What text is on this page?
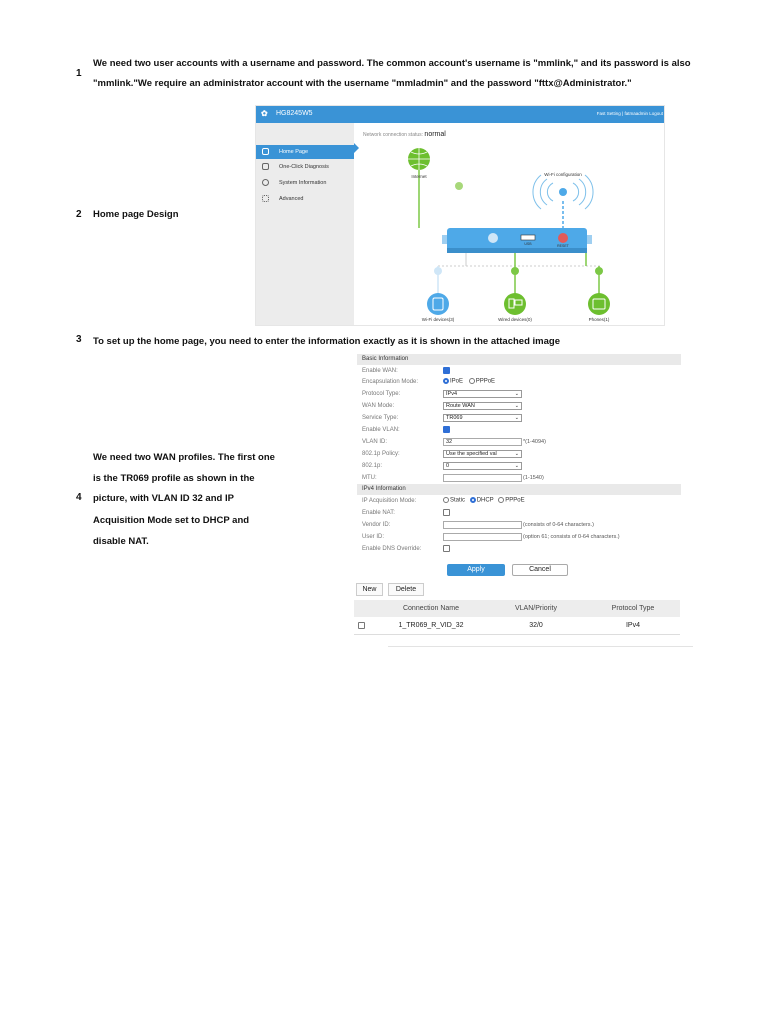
1
We need two user accounts with a username and password. The common account's username is "mmlink," and its password is also
"mmlink."We require an administrator account with the username "mmladmin" and the password "fttx@Administrator."
2 Home page Design
✿ HG8245W5	Fast Setting | fatmaadmin Logout
Home Page
One-Click Diagnosis
System Information
Advanced
Network connection status: normal
Internet	Wi-Fi configuration
USB	RESET
Wi-Fi devices(3)	Wired devices(0)	Phones(1)
3 To set up the home page, you need to enter the information exactly as it is shown in the attached image
Basic Information
Enable WAN:
Encapsulation Mode:	IPoE PPPoE
Protocol Type:	IPv4	⌄
WAN Mode:	Route WAN	⌄
Service Type:	TR069	⌄
Enable VLAN:
VLAN ID:	32	*(1-4094)
802.1p Policy:	Use the specified val	⌄
802.1p:	0	⌄
MTU:	(1-1540)
IPv4 Information
IP Acquisition Mode:	Static DHCP PPPoE
Enable NAT:
Vendor ID:	(consists of 0-64 characters.)
User ID:	(option 61; consists of 0-64 characters.)
Enable DNS Override:
Apply	Cancel
New	Delete
Connection Name	VLAN/Priority	Protocol Type
1_TR069_R_VID_32	32/0	IPv4
4
We need two WAN profiles. The first one
is the TR069 profile as shown in the
picture, with VLAN ID 32 and IP
Acquisition Mode set to DHCP and
disable NAT.
